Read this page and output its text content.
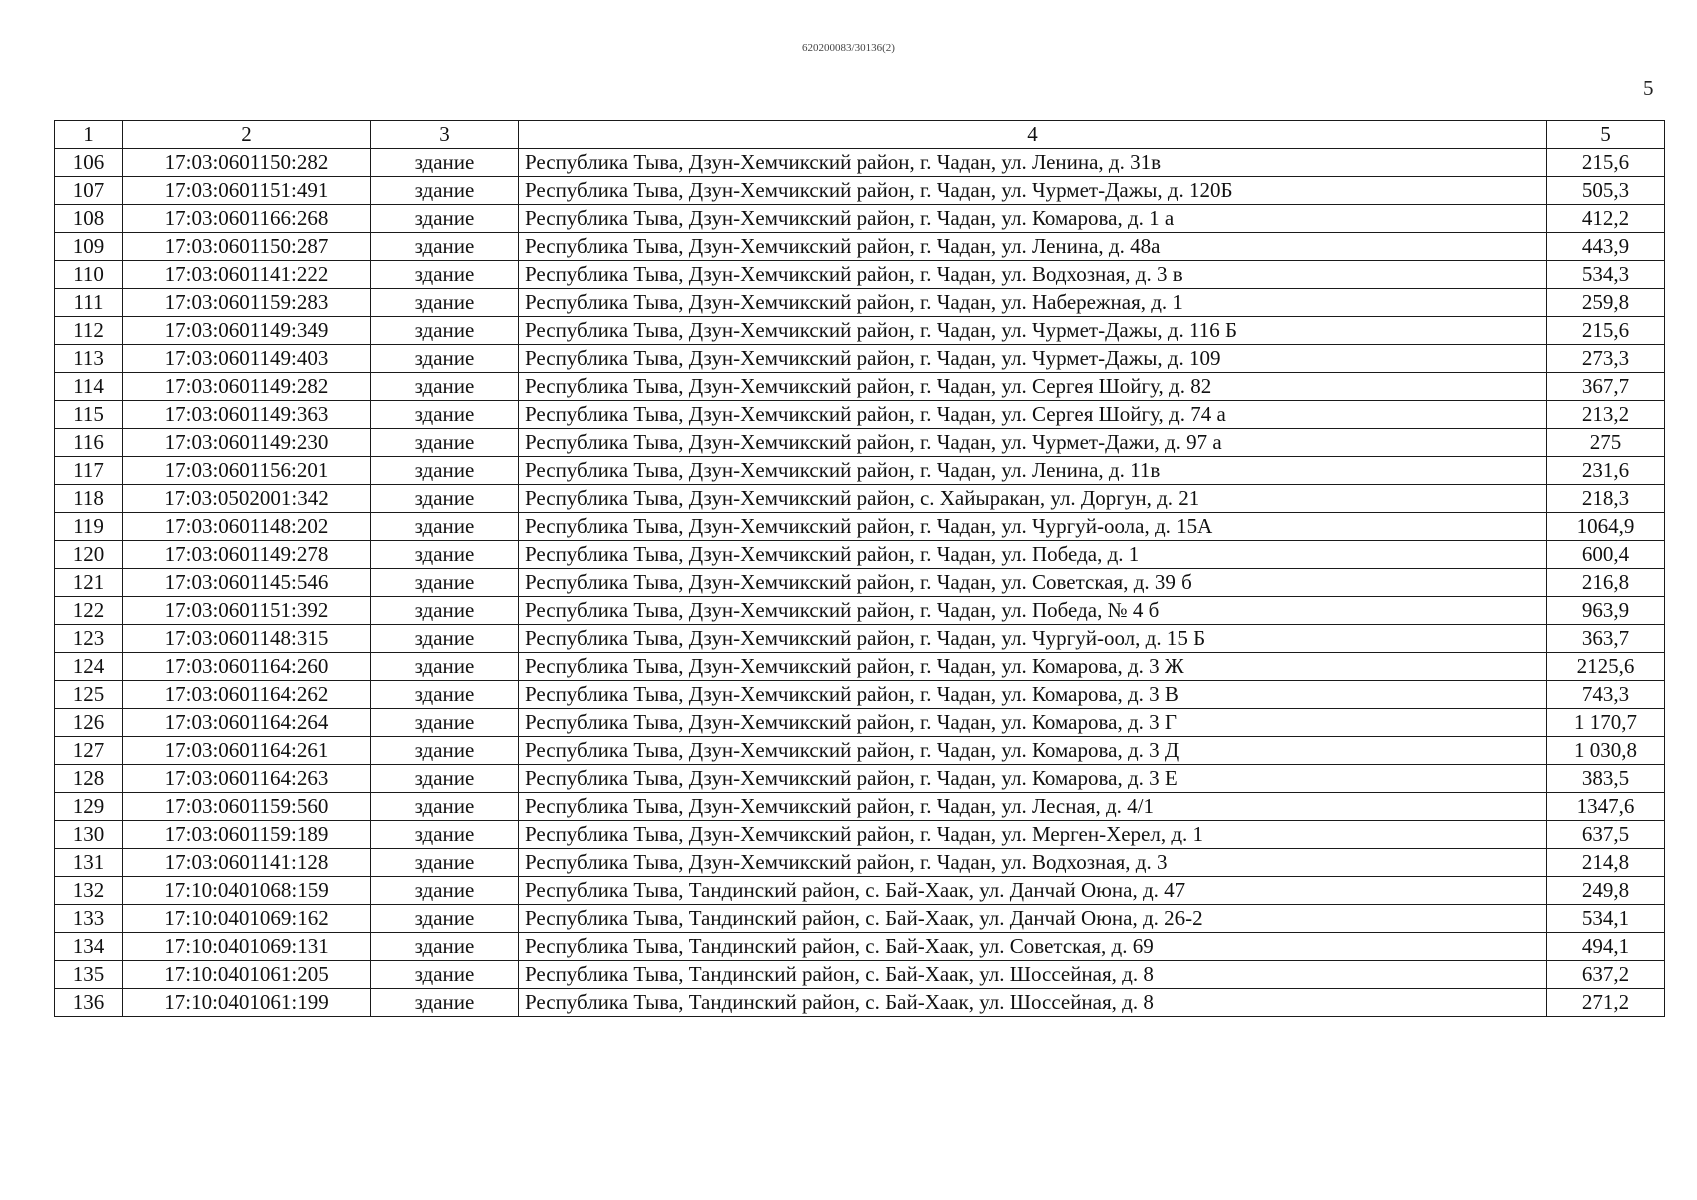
620200083/30136(2)
5
1	2	3	4	5
106	17:03:0601150:282	здание	Республика Тыва, Дзун-Хемчикский район, г. Чадан, ул. Ленина, д. 31в	215,6
107	17:03:0601151:491	здание	Республика Тыва, Дзун-Хемчикский район, г. Чадан, ул. Чурмет-Дажы, д. 120Б	505,3
108	17:03:0601166:268	здание	Республика Тыва, Дзун-Хемчикский район, г. Чадан, ул. Комарова, д. 1 а	412,2
109	17:03:0601150:287	здание	Республика Тыва, Дзун-Хемчикский район, г. Чадан, ул. Ленина, д. 48а	443,9
110	17:03:0601141:222	здание	Республика Тыва, Дзун-Хемчикский район, г. Чадан, ул. Водхозная, д. 3 в	534,3
111	17:03:0601159:283	здание	Республика Тыва, Дзун-Хемчикский район, г. Чадан, ул. Набережная, д. 1	259,8
112	17:03:0601149:349	здание	Республика Тыва, Дзун-Хемчикский район, г. Чадан, ул. Чурмет-Дажы, д. 116 Б	215,6
113	17:03:0601149:403	здание	Республика Тыва, Дзун-Хемчикский район, г. Чадан, ул. Чурмет-Дажы, д. 109	273,3
114	17:03:0601149:282	здание	Республика Тыва, Дзун-Хемчикский район, г. Чадан, ул. Сергея Шойгу, д. 82	367,7
115	17:03:0601149:363	здание	Республика Тыва, Дзун-Хемчикский район, г. Чадан, ул. Сергея Шойгу, д. 74 а	213,2
116	17:03:0601149:230	здание	Республика Тыва, Дзун-Хемчикский район, г. Чадан, ул. Чурмет-Дажи, д. 97 а	275
117	17:03:0601156:201	здание	Республика Тыва, Дзун-Хемчикский район, г. Чадан, ул. Ленина, д. 11в	231,6
118	17:03:0502001:342	здание	Республика Тыва, Дзун-Хемчикский район, с. Хайыракан, ул. Доргун, д. 21	218,3
119	17:03:0601148:202	здание	Республика Тыва, Дзун-Хемчикский район, г. Чадан, ул. Чургуй-оола, д. 15А	1064,9
120	17:03:0601149:278	здание	Республика Тыва, Дзун-Хемчикский район, г. Чадан, ул. Победа, д. 1	600,4
121	17:03:0601145:546	здание	Республика Тыва, Дзун-Хемчикский район, г. Чадан, ул. Советская, д. 39 б	216,8
122	17:03:0601151:392	здание	Республика Тыва, Дзун-Хемчикский район, г. Чадан, ул. Победа, № 4 б	963,9
123	17:03:0601148:315	здание	Республика Тыва, Дзун-Хемчикский район, г. Чадан, ул. Чургуй-оол, д. 15 Б	363,7
124	17:03:0601164:260	здание	Республика Тыва, Дзун-Хемчикский район, г. Чадан, ул. Комарова, д. 3 Ж	2125,6
125	17:03:0601164:262	здание	Республика Тыва, Дзун-Хемчикский район, г. Чадан, ул. Комарова, д. 3 В	743,3
126	17:03:0601164:264	здание	Республика Тыва, Дзун-Хемчикский район, г. Чадан, ул. Комарова, д. 3 Г	1 170,7
127	17:03:0601164:261	здание	Республика Тыва, Дзун-Хемчикский район, г. Чадан, ул. Комарова, д. 3 Д	1 030,8
128	17:03:0601164:263	здание	Республика Тыва, Дзун-Хемчикский район, г. Чадан, ул. Комарова, д. 3 Е	383,5
129	17:03:0601159:560	здание	Республика Тыва, Дзун-Хемчикский район, г. Чадан, ул. Лесная, д. 4/1	1347,6
130	17:03:0601159:189	здание	Республика Тыва, Дзун-Хемчикский район, г. Чадан, ул. Мерген-Херел, д. 1	637,5
131	17:03:0601141:128	здание	Республика Тыва, Дзун-Хемчикский район, г. Чадан, ул. Водхозная, д. 3	214,8
132	17:10:0401068:159	здание	Республика Тыва, Тандинский район, с. Бай-Хаак, ул. Данчай Оюна, д. 47	249,8
133	17:10:0401069:162	здание	Республика Тыва, Тандинский район, с. Бай-Хаак, ул. Данчай Оюна, д. 26-2	534,1
134	17:10:0401069:131	здание	Республика Тыва, Тандинский район, с. Бай-Хаак, ул. Советская, д. 69	494,1
135	17:10:0401061:205	здание	Республика Тыва, Тандинский район, с. Бай-Хаак, ул. Шоссейная, д. 8	637,2
136	17:10:0401061:199	здание	Республика Тыва, Тандинский район, с. Бай-Хаак, ул. Шоссейная, д. 8	271,2
